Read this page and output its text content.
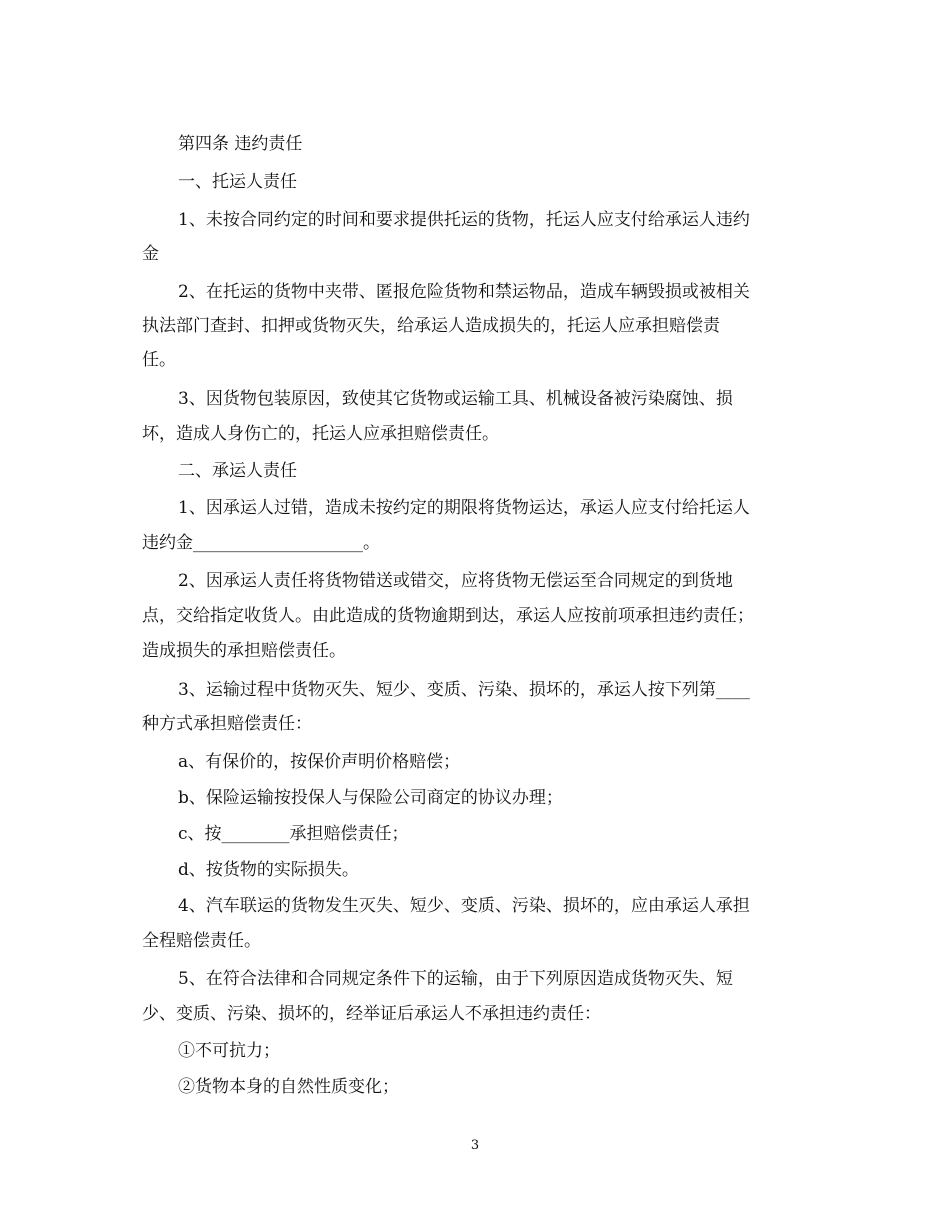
第四条 违约责任
一、托运人责任
1、未按合同约定的时间和要求提供托运的货物，托运人应支付给承运人违约
金
2、在托运的货物中夹带、匿报危险货物和禁运物品，造成车辆毁损或被相关
执法部门查封、扣押或货物灭失，给承运人造成损失的，托运人应承担赔偿责
任。
3、因货物包装原因，致使其它货物或运输工具、机械设备被污染腐蚀、损
坏，造成人身伤亡的，托运人应承担赔偿责任。
二、承运人责任
1、因承运人过错，造成未按约定的期限将货物运达，承运人应支付给托运人
违约金____________________。
2、因承运人责任将货物错送或错交，应将货物无偿运至合同规定的到货地
点，交给指定收货人。由此造成的货物逾期到达，承运人应按前项承担违约责任；
造成损失的承担赔偿责任。
3、运输过程中货物灭失、短少、变质、污染、损坏的，承运人按下列第____
种方式承担赔偿责任：
a、有保价的，按保价声明价格赔偿；
b、保险运输按投保人与保险公司商定的协议办理；
c、按________承担赔偿责任；
d、按货物的实际损失。
4、汽车联运的货物发生灭失、短少、变质、污染、损坏的，应由承运人承担
全程赔偿责任。
5、在符合法律和合同规定条件下的运输，由于下列原因造成货物灭失、短
少、变质、污染、损坏的，经举证后承运人不承担违约责任：
①不可抗力；
②货物本身的自然性质变化；
3
